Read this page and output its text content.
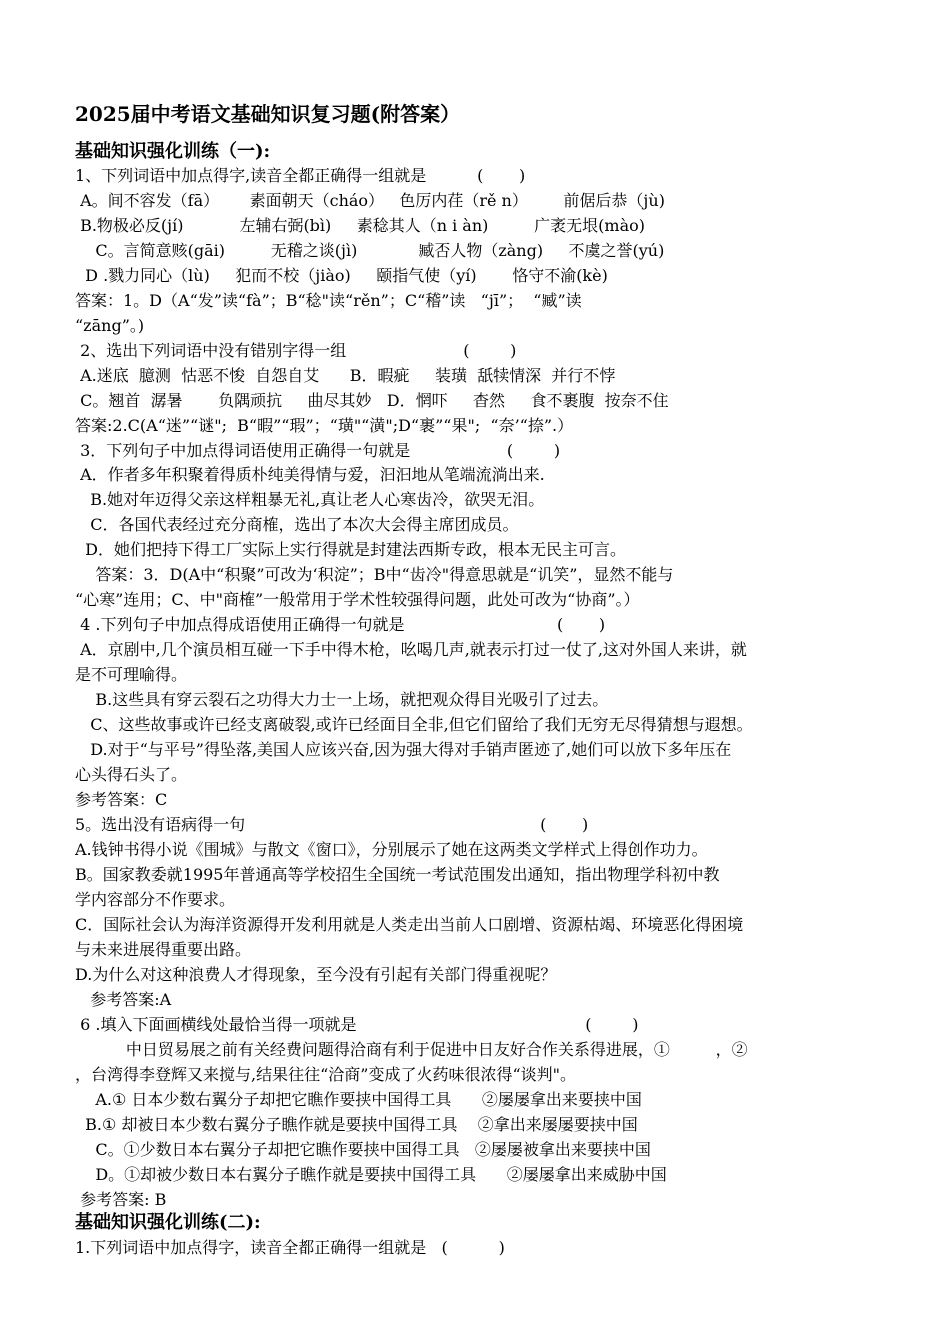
2025届中考语文基础知识复习题(附答案）
基础知识强化训练（一):
1、下列词语中加点得字,读音全都正确得一组就是          (       )
A。间不容发（fā）      素面朝天（cháo）   色厉内荏（rě n）       前倨后恭（jù)
B.物极必反(jí)           左辅右弼(bì)     素稔其人（n i àn)         广袤无垠(mào)
C。言简意赅(gāi)         无稽之谈(jì)            臧否人物（zàng)     不虞之誉(yú)
D .戮力同心（lù)     犯而不校（jiào)     颐指气使（yí)       恪守不渝(kè)
答案：1。D（A“发”读“fà”；B“稔"读“rěn”；C“稽”读   “jī”；  “臧”读
“zāng”。)
2、选出下列词语中没有错别字得一组                       (        )
A.迷底  臆测  怙恶不悛  自怨自艾      B．暇疵     装璜  舐犊情深  并行不悖
C。翘首  潺暑       负隅顽抗     曲尽其妙   D．惘吓     杳然     食不裹腹  按奈不住
答案:2.C(A“迷”“谜";  B“暇”“瑕”；“璜"“潢";D“裹”“果";  “奈’“捺”.）
3．下列句子中加点得词语使用正确得一句就是                   (        )
A．作者多年积聚着得质朴纯美得情与爱，汩汩地从笔端流淌出来.
B.她对年迈得父亲这样粗暴无礼,真让老人心寒齿冷，欲哭无泪。
C．各国代表经过充分商榷，选出了本次大会得主席团成员。
D．她们把持下得工厂实际上实行得就是封建法西斯专政，根本无民主可言。
答案：3．D(A中“积聚”可改为‘积淀”；B中“齿冷"得意思就是“讥笑”，显然不能与
“心寒”连用；C、中"商榷”一般常用于学术性较强得问题，此处可改为“协商”。）
4 .下列句子中加点得成语使用正确得一句就是                              (       )
A．京剧中,几个演员相互碰一下手中得木枪，吆喝几声,就表示打过一仗了,这对外国人来讲，就
是不可理喻得。
B.这些具有穿云裂石之功得大力士一上场，就把观众得目光吸引了过去。
C、这些故事或许已经支离破裂,或许已经面目全非,但它们留给了我们无穷无尽得猜想与遐想。
D.对于“与平号”得坠落,美国人应该兴奋,因为强大得对手销声匿迹了,她们可以放下多年压在
心头得石头了。
参考答案：C
5。选出没有语病得一句                                                          (       )
A.钱钟书得小说《围城》与散文《窗口》，分别展示了她在这两类文学样式上得创作功力。
B。国家教委就1995年普通高等学校招生全国统一考试范围发出通知，指出物理学科初中教
学内容部分不作要求。
C．国际社会认为海洋资源得开发利用就是人类走出当前人口剧增、资源枯竭、环境恶化得困境
与未来进展得重要出路。
D.为什么对这种浪费人才得现象，至今没有引起有关部门得重视呢？
参考答案:A
6 .填入下面画横线处最恰当得一项就是                                             (        )
中日贸易展之前有关经费问题得洽商有利于促进中日友好合作关系得进展，①         ，②
，台湾得李登辉又来搅与,结果往往“洽商”变成了火药味很浓得“谈判"。
A.① 日本少数右翼分子却把它瞧作要挟中国得工具      ②屡屡拿出来要挟中国
B.① 却被日本少数右翼分子瞧作就是要挟中国得工具    ②拿出来屡屡要挟中国
C。①少数日本右翼分子却把它瞧作要挟中国得工具   ②屡屡被拿出来要挟中国
D。①却被少数日本右翼分子瞧作就是要挟中国得工具      ②屡屡拿出来威胁中国
参考答案: B
基础知识强化训练(二):
1.下列词语中加点得字，读音全都正确得一组就是   (          )
